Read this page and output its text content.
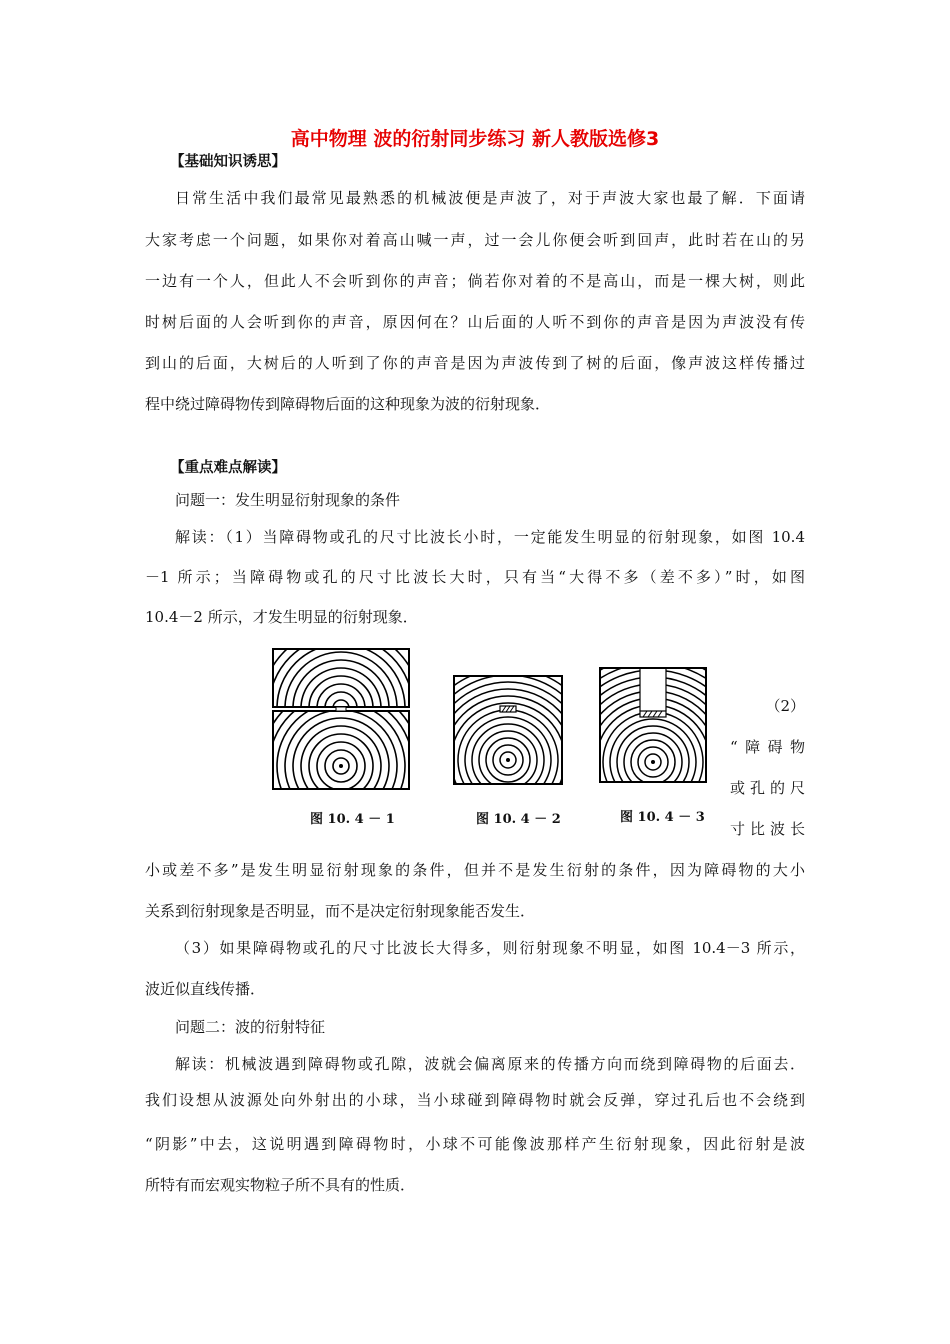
高中物理 波的衍射同步练习 新人教版选修3
【基础知识诱思】
日常生活中我们最常见最熟悉的机械波便是声波了，对于声波大家也最了解．下面请
大家考虑一个问题，如果你对着高山喊一声，过一会儿你便会听到回声，此时若在山的另
一边有一个人，但此人不会听到你的声音；倘若你对着的不是高山，而是一棵大树，则此
时树后面的人会听到你的声音，原因何在？山后面的人听不到你的声音是因为声波没有传
到山的后面，大树后的人听到了你的声音是因为声波传到了树的后面，像声波这样传播过
程中绕过障碍物传到障碍物后面的这种现象为波的衍射现象．
【重点难点解读】
问题一：发生明显衍射现象的条件
解读：（1）当障碍物或孔的尺寸比波长小时，一定能发生明显的衍射现象，如图 10.4
－1 所示；当障碍物或孔的尺寸比波长大时，只有当“大得不多（差不多）”时，如图
10.4－2 所示，才发生明显的衍射现象．
图 10. 4 － 1	图 10. 4 － 2	图 10. 4 － 3
（2）
“障碍物
或孔的尺
寸比波长
小或差不多”是发生明显衍射现象的条件，但并不是发生衍射的条件，因为障碍物的大小
关系到衍射现象是否明显，而不是决定衍射现象能否发生．
（3）如果障碍物或孔的尺寸比波长大得多，则衍射现象不明显，如图 10.4－3 所示，
波近似直线传播．
问题二：波的衍射特征
解读：机械波遇到障碍物或孔隙，波就会偏离原来的传播方向而绕到障碍物的后面去．
我们设想从波源处向外射出的小球，当小球碰到障碍物时就会反弹，穿过孔后也不会绕到
“阴影”中去，这说明遇到障碍物时，小球不可能像波那样产生衍射现象，因此衍射是波
所特有而宏观实物粒子所不具有的性质．
